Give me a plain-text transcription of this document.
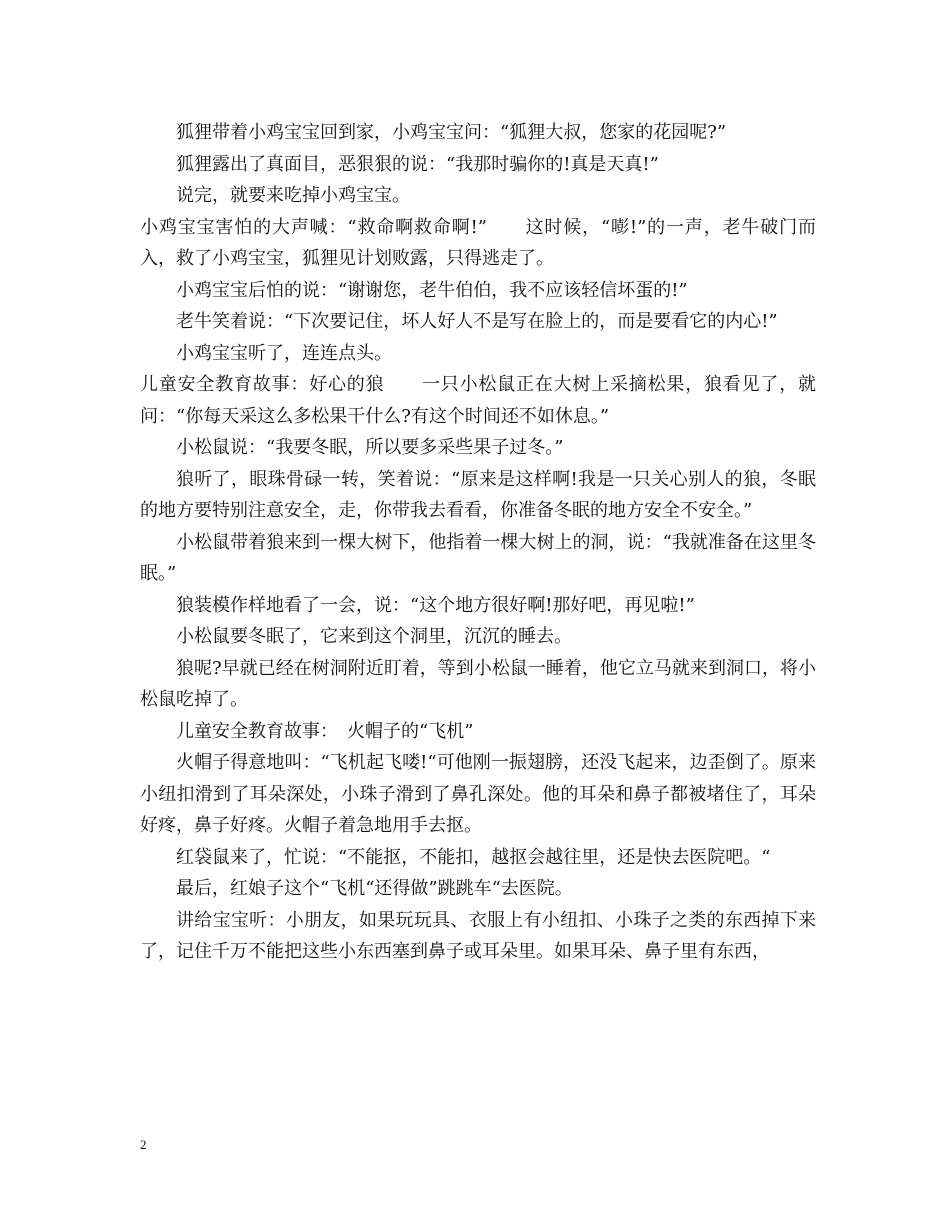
狐狸带着小鸡宝宝回到家，小鸡宝宝问：“狐狸大叔，您家的花园呢?”

狐狸露出了真面目，恶狠狠的说：“我那时骗你的!真是天真!”

说完，就要来吃掉小鸡宝宝。

小鸡宝宝害怕的大声喊：“救命啊救命啊!”　　这时候，“嘭!”的一声，老牛破门而入，救了小鸡宝宝，狐狸见计划败露，只得逃走了。

小鸡宝宝后怕的说：“谢谢您，老牛伯伯，我不应该轻信坏蛋的!”

老牛笑着说：“下次要记住，坏人好人不是写在脸上的，而是要看它的内心!”

小鸡宝宝听了，连连点头。

儿童安全教育故事：好心的狼　　一只小松鼠正在大树上采摘松果，狼看见了，就问：“你每天采这么多松果干什么?有这个时间还不如休息。”

小松鼠说：“我要冬眠，所以要多采些果子过冬。”

狼听了，眼珠骨碌一转，笑着说：“原来是这样啊!我是一只关心别人的狼，冬眠的地方要特别注意安全，走，你带我去看看，你准备冬眠的地方安全不安全。”

小松鼠带着狼来到一棵大树下，他指着一棵大树上的洞，说：“我就准备在这里冬眠。”

狼装模作样地看了一会，说：“这个地方很好啊!那好吧，再见啦!”

小松鼠要冬眠了，它来到这个洞里，沉沉的睡去。

狼呢?早就已经在树洞附近盯着，等到小松鼠一睡着，他它立马就来到洞口，将小松鼠吃掉了。

儿童安全教育故事：　火帽子的“飞机”

火帽子得意地叫：“飞机起飞喽!“可他刚一振翅膀，还没飞起来，边歪倒了。原来小纽扣滑到了耳朵深处，小珠子滑到了鼻孔深处。他的耳朵和鼻子都被堵住了，耳朵好疼，鼻子好疼。火帽子着急地用手去抠。

红袋鼠来了，忙说：“不能抠，不能扣，越抠会越往里，还是快去医院吧。“

最后，红娘子这个“飞机“还得做”跳跳车“去医院。

讲给宝宝听：小朋友，如果玩玩具、衣服上有小纽扣、小珠子之类的东西掉下来了，记住千万不能把这些小东西塞到鼻子或耳朵里。如果耳朵、鼻子里有东西，

2
